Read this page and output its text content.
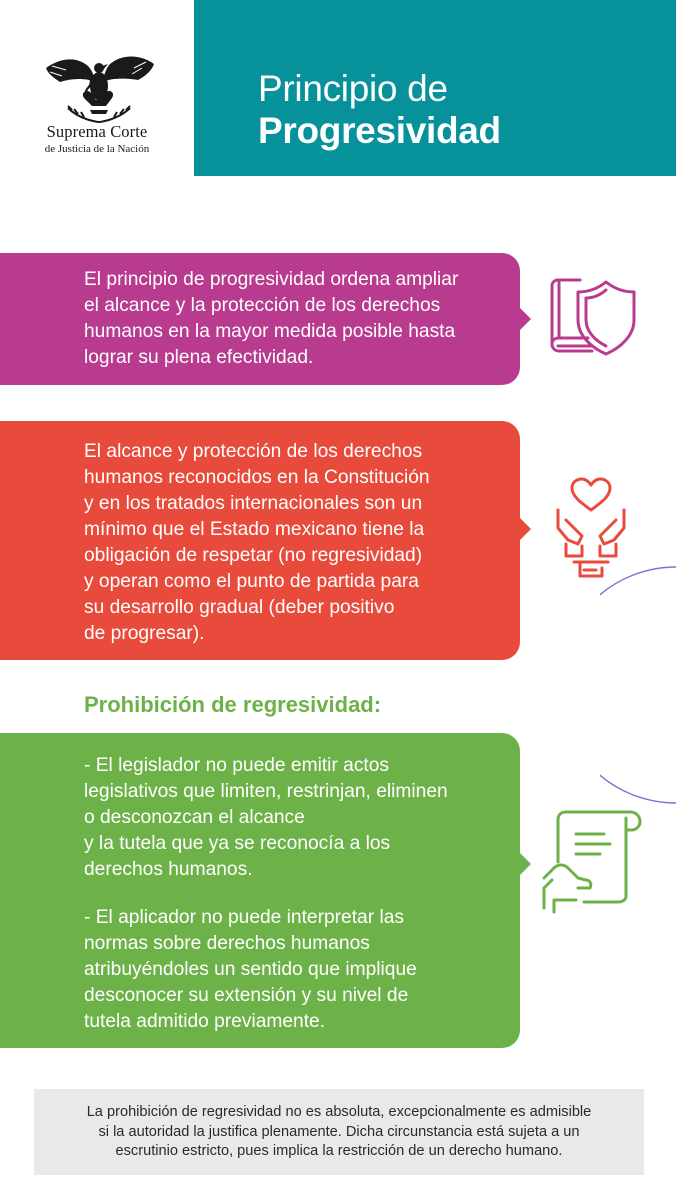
Suprema Corte
de Justicia de la Nación
Principio de
Progresividad
El principio de progresividad ordena ampliar
el alcance y la protección de los derechos
humanos en la mayor medida posible hasta
lograr su plena efectividad.
El alcance y protección de los derechos
humanos reconocidos en la Constitución
y en los tratados internacionales son un
mínimo que el Estado mexicano tiene la
obligación de respetar (no regresividad)
y operan como el punto de partida para
su desarrollo gradual (deber positivo
de progresar).
Prohibición de regresividad:
- El legislador no puede emitir actos
legislativos que limiten, restrinjan, eliminen
o desconozcan el alcance
y la tutela que ya se reconocía a los
derechos humanos.
- El aplicador no puede interpretar las
normas sobre derechos humanos
atribuyéndoles un sentido que implique
desconocer su extensión y su nivel de
tutela admitido previamente.
La prohibición de regresividad no es absoluta, excepcionalmente es admisible
si la autoridad la justifica plenamente. Dicha circunstancia está sujeta a un
escrutinio estricto, pues implica la restricción de un derecho humano.
